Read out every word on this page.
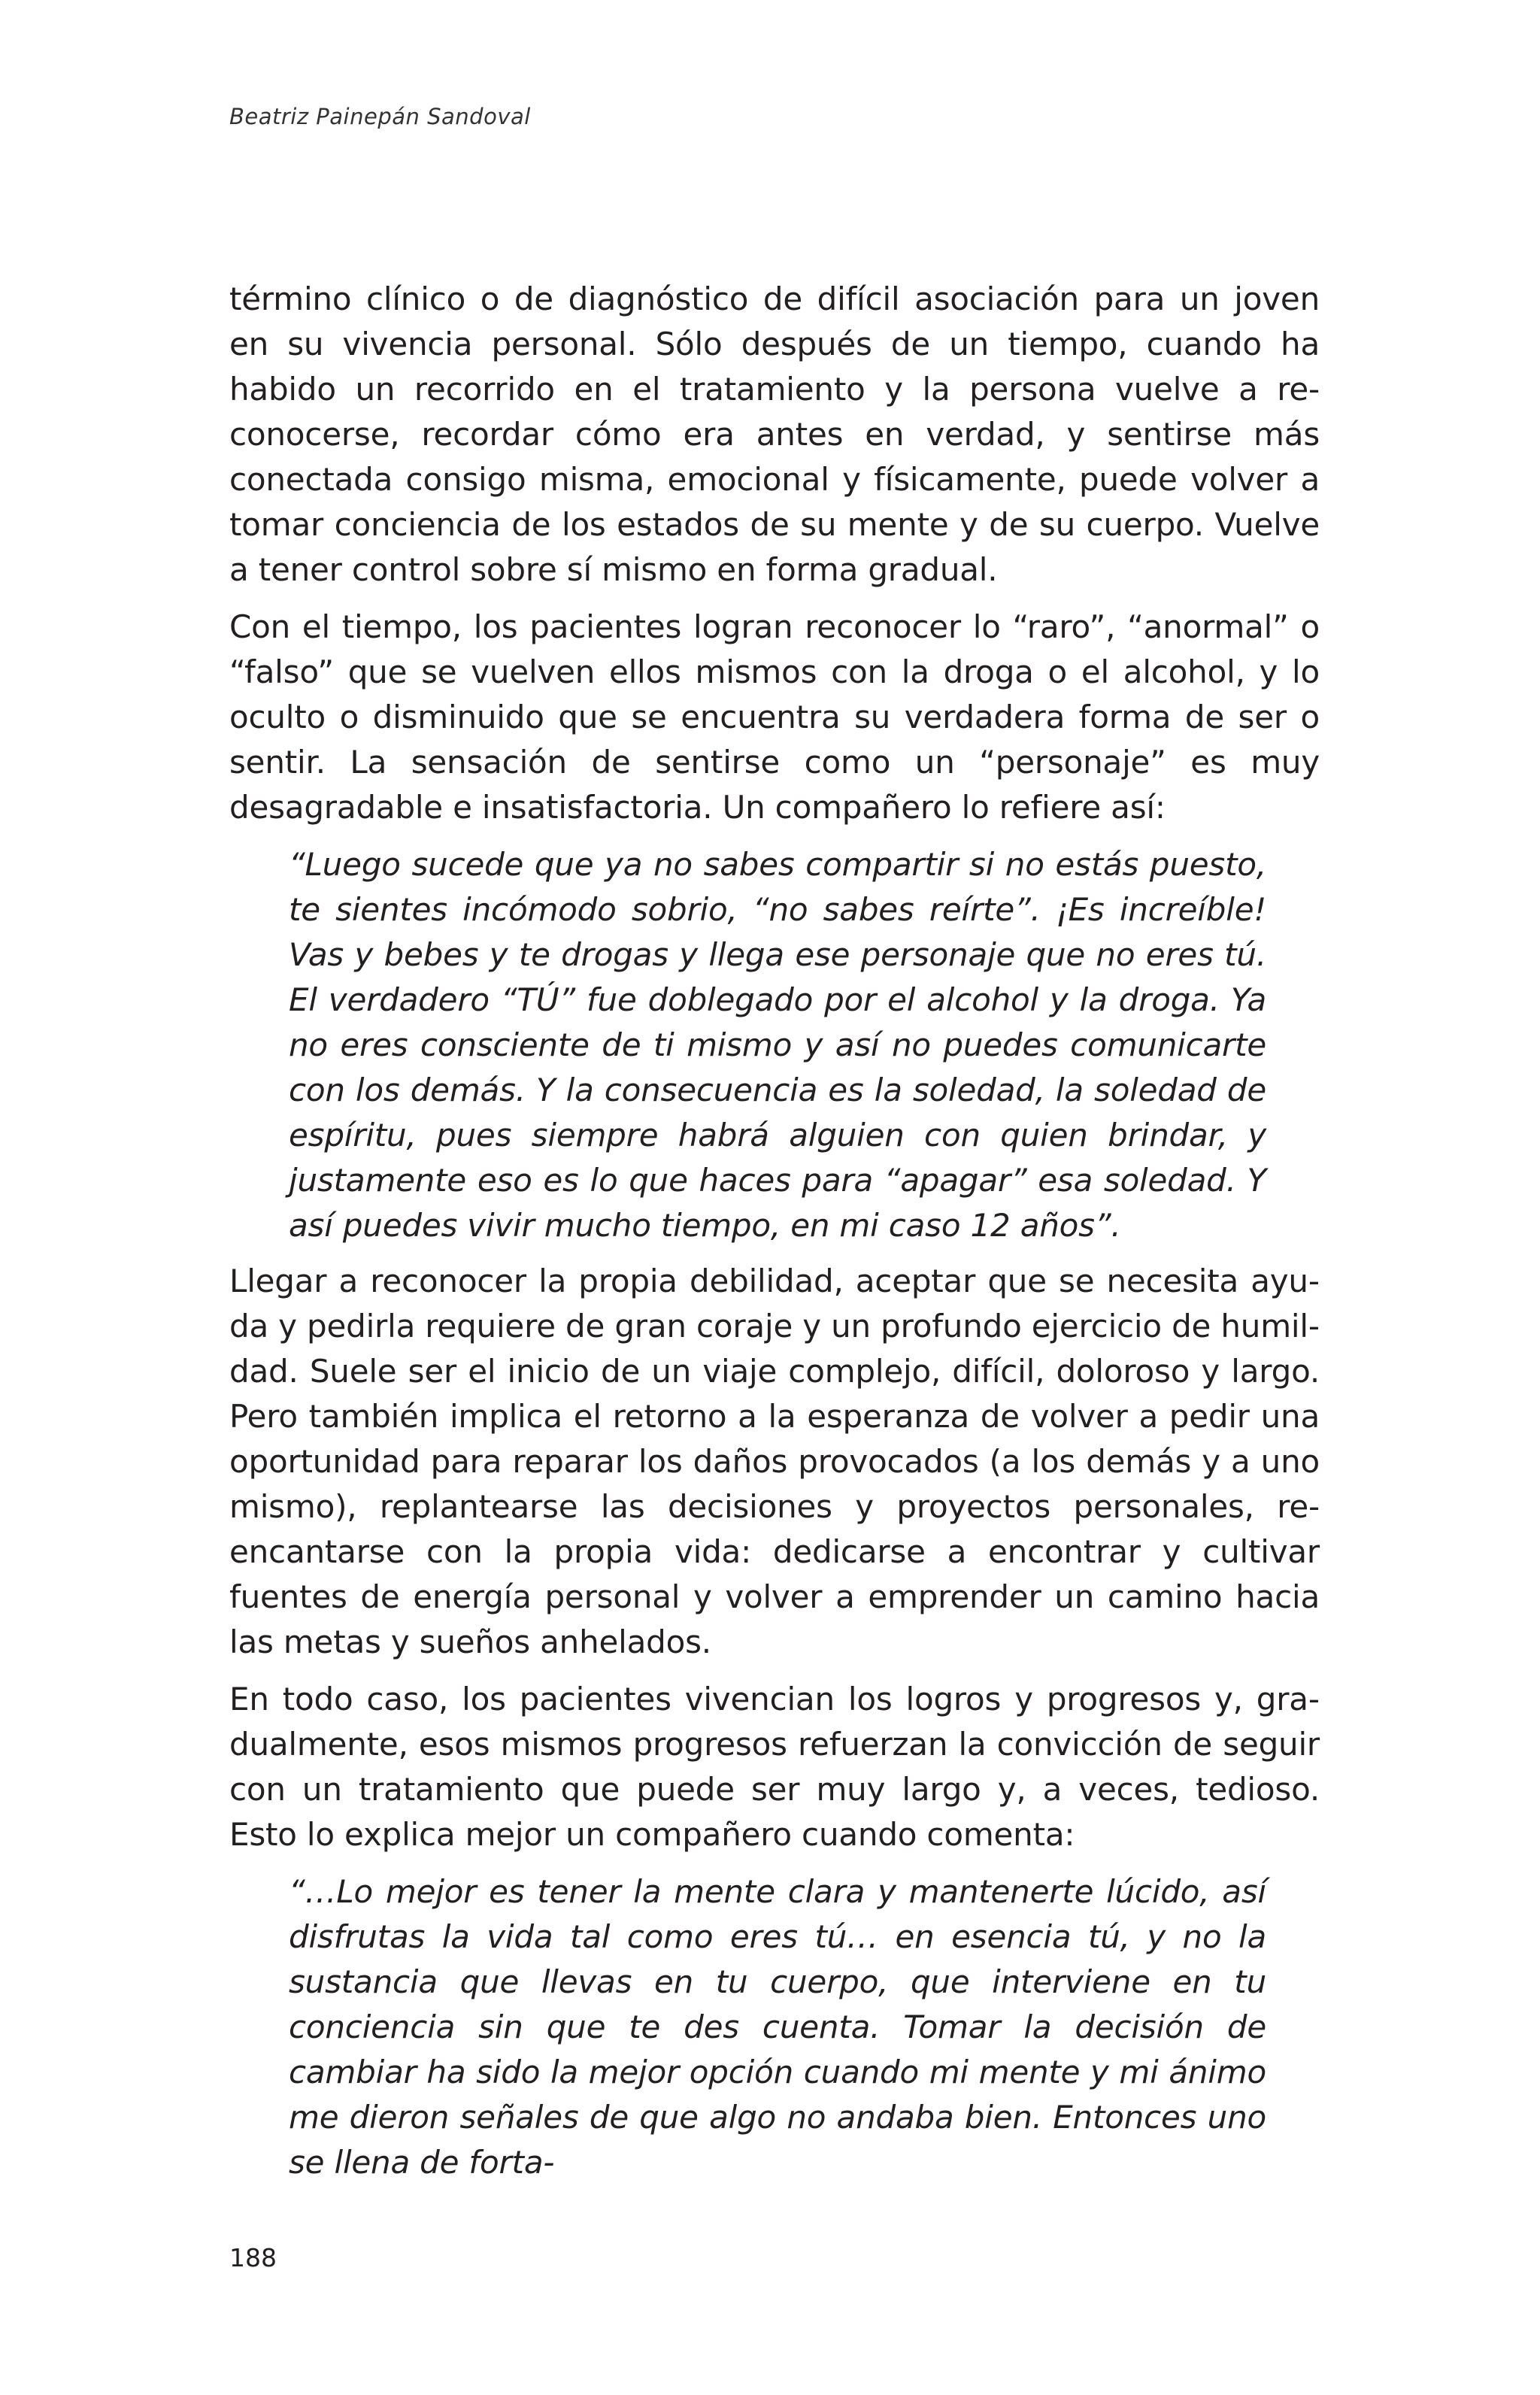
Beatriz Painepán Sandoval

término clínico o de diagnóstico de difícil asociación para un joven en su vivencia personal. Sólo después de un tiempo, cuando ha habido un recorrido en el tratamiento y la persona vuelve a re-conocerse, recordar cómo era antes en verdad, y sentirse más conectada consigo misma, emocional y físicamente, puede volver a tomar conciencia de los estados de su mente y de su cuerpo. Vuelve a tener control sobre sí mismo en forma gradual.

Con el tiempo, los pacientes logran reconocer lo “raro”, “anormal” o “falso” que se vuelven ellos mismos con la droga o el alcohol, y lo oculto o disminuido que se encuentra su verdadera forma de ser o sentir. La sensación de sentirse como un “personaje” es muy desagradable e insatisfactoria. Un compañero lo refiere así:

“Luego sucede que ya no sabes compartir si no estás puesto, te sientes incómodo sobrio, “no sabes reírte”. ¡Es increíble! Vas y bebes y te drogas y llega ese personaje que no eres tú. El verdadero “TÚ” fue doblegado por el alcohol y la droga. Ya no eres consciente de ti mismo y así no puedes comunicarte con los demás. Y la consecuencia es la soledad, la soledad de espíritu, pues siempre habrá alguien con quien brindar, y justamente eso es lo que haces para “apagar” esa soledad. Y así puedes vivir mucho tiempo, en mi caso 12 años”.

Llegar a reconocer la propia debilidad, aceptar que se necesita ayuda y pedirla requiere de gran coraje y un profundo ejercicio de humildad. Suele ser el inicio de un viaje complejo, difícil, doloroso y largo. Pero también implica el retorno a la esperanza de volver a pedir una oportunidad para reparar los daños provocados (a los demás y a uno mismo), replantearse las decisiones y proyectos personales, re-encantarse con la propia vida: dedicarse a encontrar y cultivar fuentes de energía personal y volver a emprender un camino hacia las metas y sueños anhelados.

En todo caso, los pacientes vivencian los logros y progresos y, gradualmente, esos mismos progresos refuerzan la convicción de seguir con un tratamiento que puede ser muy largo y, a veces, tedioso. Esto lo explica mejor un compañero cuando comenta:

“…Lo mejor es tener la mente clara y mantenerte lúcido, así disfrutas la vida tal como eres tú… en esencia tú, y no la sustancia que llevas en tu cuerpo, que interviene en tu conciencia sin que te des cuenta. Tomar la decisión de cambiar ha sido la mejor opción cuando mi mente y mi ánimo me dieron señales de que algo no andaba bien. Entonces uno se llena de forta-

188
